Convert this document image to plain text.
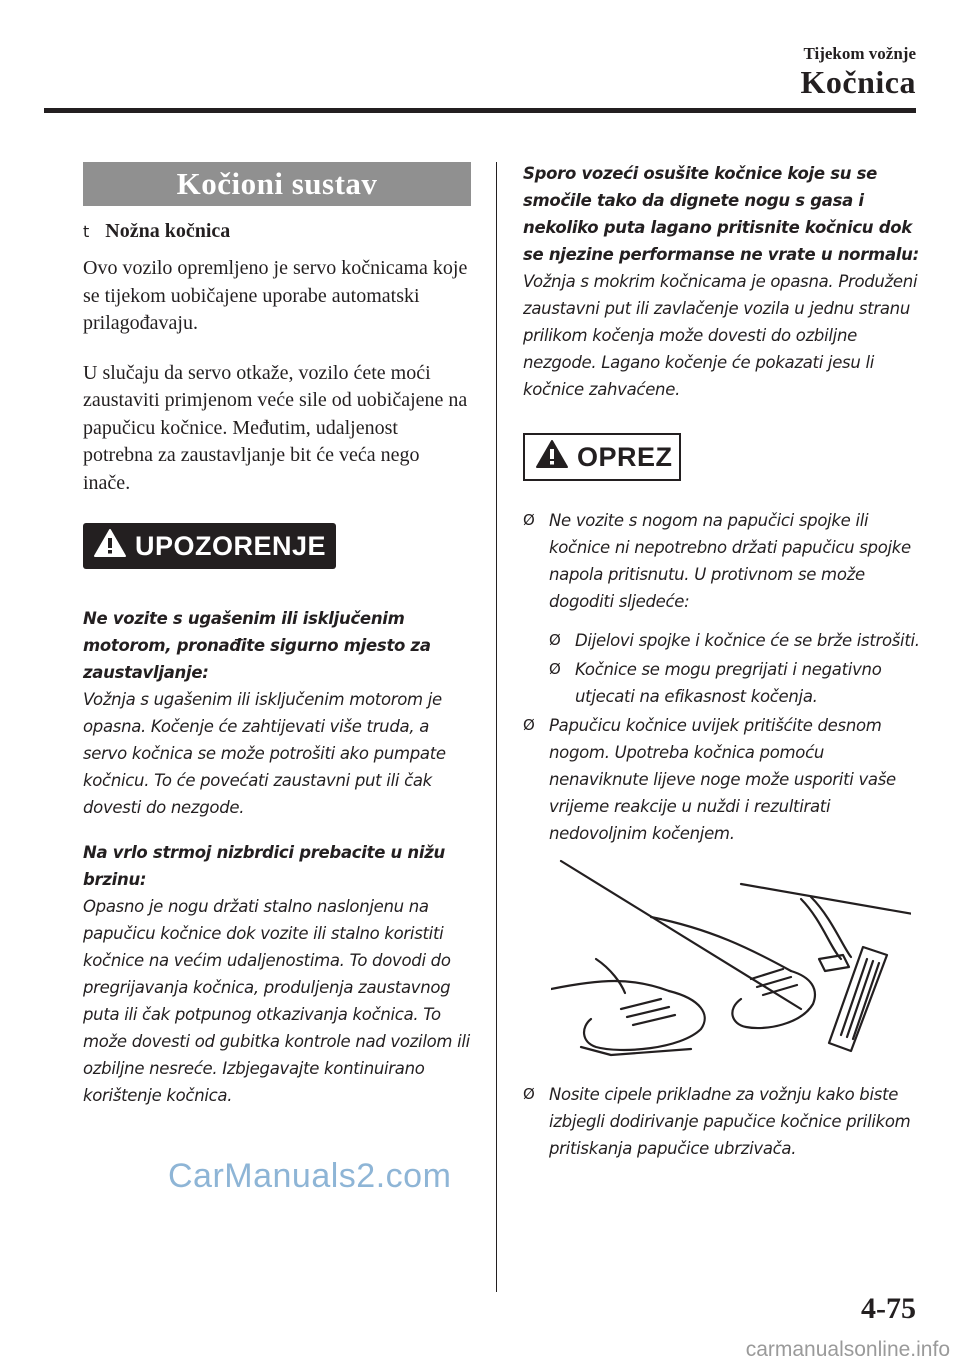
Tijekom vožnje
Kočnica
Kočioni sustav
t Nožna kočnica

Ovo vozilo opremljeno je servo kočnicama koje se tijekom uobičajene uporabe automatski prilagođavaju.

U slučaju da servo otkaže, vozilo ćete moći zaustaviti primjenom veće sile od uobičajene na papučicu kočnice. Međutim, udaljenost potrebna za zaustavljanje bit će veća nego inače.

UPOZORENJE
Ne vozite s ugašenim ili isključenim motorom, pronađite sigurno mjesto za zaustavljanje:
Vožnja s ugašenim ili isključenim motorom je opasna. Kočenje će zahtijevati više truda, a servo kočnica se može potrošiti ako pumpate kočnicu. To će povećati zaustavni put ili čak dovesti do nezgode.
Na vrlo strmoj nizbrdici prebacite u nižu brzinu:
Opasno je nogu držati stalno naslonjenu na papučicu kočnice dok vozite ili stalno koristiti kočnice na većim udaljenostima. To dovodi do pregrijavanja kočnica, produljenja zaustavnog puta ili čak potpunog otkazivanja kočnica. To može dovesti od gubitka kontrole nad vozilom ili ozbiljne nesreće. Izbjegavajte kontinuirano korištenje kočnica.
Sporo vozeći osušite kočnice koje su se smočile tako da dignete nogu s gasa i nekoliko puta lagano pritisnite kočnicu dok se njezine performanse ne vrate u normalu:
Vožnja s mokrim kočnicama je opasna. Produženi zaustavni put ili zavlačenje vozila u jednu stranu prilikom kočenja može dovesti do ozbiljne nezgode. Lagano kočenje će pokazati jesu li kočnice zahvaćene.
OPREZ
Ø Ne vozite s nogom na papučici spojke ili kočnice ni nepotrebno držati papučicu spojke napola pritisnutu. U protivnom se može dogoditi sljedeće:
Ø Dijelovi spojke i kočnice će se brže istrošiti.
Ø Kočnice se mogu pregrijati i negativno utjecati na efikasnost kočenja.
Ø Papučicu kočnice uvijek pritišćite desnom nogom. Upotreba kočnica pomoću nenaviknute lijeve noge može usporiti vaše vrijeme reakcije u nuždi i rezultirati nedovoljnim kočenjem.
Ø Nosite cipele prikladne za vožnju kako biste izbjegli dodirivanje papučice kočnice prilikom pritiskanja papučice ubrzivača.
CarManuals2.com
4-75
carmanualsonline.info
